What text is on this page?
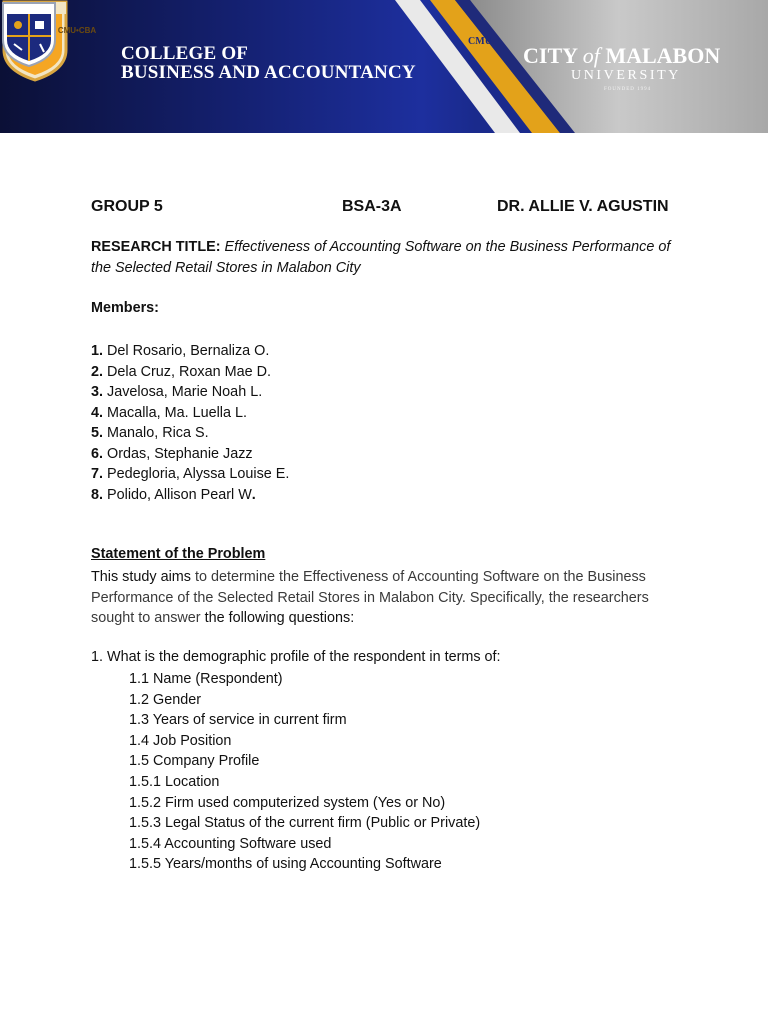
CMU•CBA
COLLEGE OF
BUSINESS AND ACCOUNTANCY
CMU
CITY of MALABON
UNIVERSITY
FOUNDED 1994
GROUP 5	BSA-3A	DR. ALLIE V. AGUSTIN
RESEARCH TITLE: Effectiveness of Accounting Software on the Business Performance of the Selected Retail Stores in Malabon City
Members:
1. Del Rosario, Bernaliza O.
2. Dela Cruz, Roxan Mae D.
3. Javelosa, Marie Noah L.
4. Macalla, Ma. Luella L.
5. Manalo, Rica S.
6. Ordas, Stephanie Jazz
7. Pedegloria, Alyssa Louise E.
8. Polido, Allison Pearl W.
Statement of the Problem
This study aims to determine the Effectiveness of Accounting Software on the Business Performance of the Selected Retail Stores in Malabon City. Specifically, the researchers sought to answer the following questions:
1. What is the demographic profile of the respondent in terms of:
1.1 Name (Respondent)
1.2 Gender
1.3 Years of service in current firm
1.4 Job Position
1.5 Company Profile
1.5.1 Location
1.5.2 Firm used computerized system (Yes or No)
1.5.3 Legal Status of the current firm (Public or Private)
1.5.4 Accounting Software used
1.5.5 Years/months of using Accounting Software
